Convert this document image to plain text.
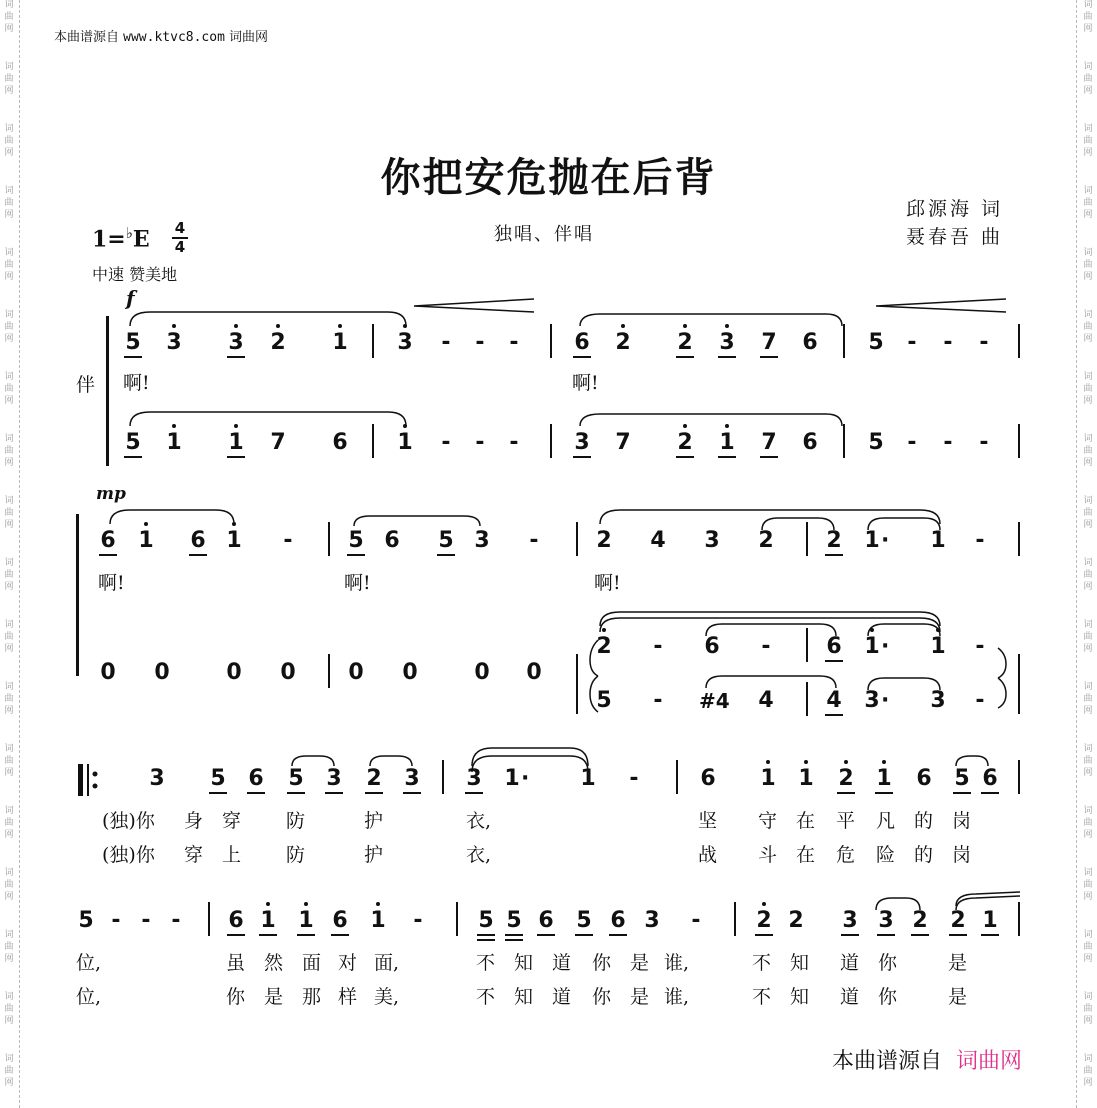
词
曲
网
词
曲
网
词
曲
网
词
曲
网
词
曲
网
词
曲
网
词
曲
网
词
曲
网
词
曲
网
词
曲
网
词
曲
网
词
曲
网
词
曲
网
词
曲
网
词
曲
网
词
曲
网
词
曲
网
词
曲
网
词
曲
网
词
曲
网
词
曲
网
词
曲
网
词
曲
网
词
曲
网
词
曲
网
词
曲
网
词
曲
网
词
曲
网
词
曲
网
词
曲
网
词
曲
网
词
曲
网
词
曲
网
词
曲
网
词
曲
网
词
曲
网
本曲谱源自 www.ktvc8.com 词曲网
你把安危抛在后背
邱源海 词
聂春吾 曲
$1=^♭E \frac{4}{4}$
中速 赞美地
独唱、伴唱
f
mp
伴
5 3 3 2 1 3 - - -	6 2 2 3 7 6 5 - - -
5 1 1 7 6 1 - - -	3 7 2 1 7 6 5 - - -
啊!	啊!
6 1 6 1 -	5 6 5 3 -	2 4 3 2 2 1 · 1 -
啊!	啊!	啊!
0 0	0 0 0 0	0 0
2 - 6 -	6 1 · 1 -
5 -	#4 4 4 3 · 3 -
3 5 6 5 3 2 3 3 1 · 1 -	6 1 1 2 1 6 5 6
(独)你 身 穿 防	护	衣,	坚 守 在 平 凡 的 岗
(独)你 穿 上 防	护	衣,	战 斗 在 危 险 的 岗
5 - - - 6 1 1 6 1 -	5 5 6 5 6 3 -	2 2 3 3 2 2 1
位,	虽 然 面 对 面,	不 知 道 你 是 谁,	不 知 道 你	是
位,	你 是 那 样 美,	不 知 道 你 是 谁,	不 知 道 你	是
本曲谱源自 词曲网
